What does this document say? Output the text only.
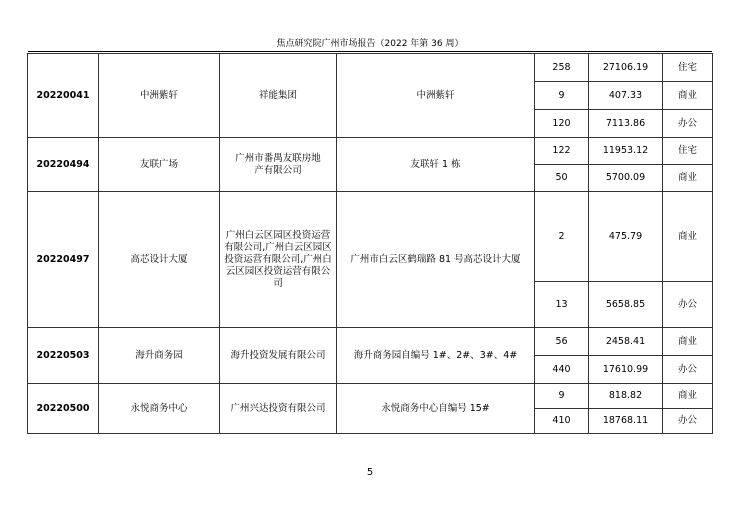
焦点研究院广州市场报告（2022 年第 36 周）
20220041	中洲紫轩	祥能集团	中洲紫轩	258	27106.19	住宅
				9	407.33	商业
				120	7113.86	办公
20220494	友联广场	广州市番禺友联房地产有限公司	友联轩 1 栋	122	11953.12	住宅
				50	5700.09	商业
20220497	高芯设计大厦	广州白云区园区投资运营有限公司,广州白云区园区投资运营有限公司,广州白云区园区投资运营有限公司	广州市白云区鹤瑞路 81 号高芯设计大厦	2	475.79	商业
				13	5658.85	办公
20220503	海升商务园	海升投资发展有限公司	海升商务园自编号 1#、2#、3#、4#	56	2458.41	商业
				440	17610.99	办公
20220500	永悦商务中心	广州兴达投资有限公司	永悦商务中心自编号 15#	9	818.82	商业
				410	18768.11	办公
5
